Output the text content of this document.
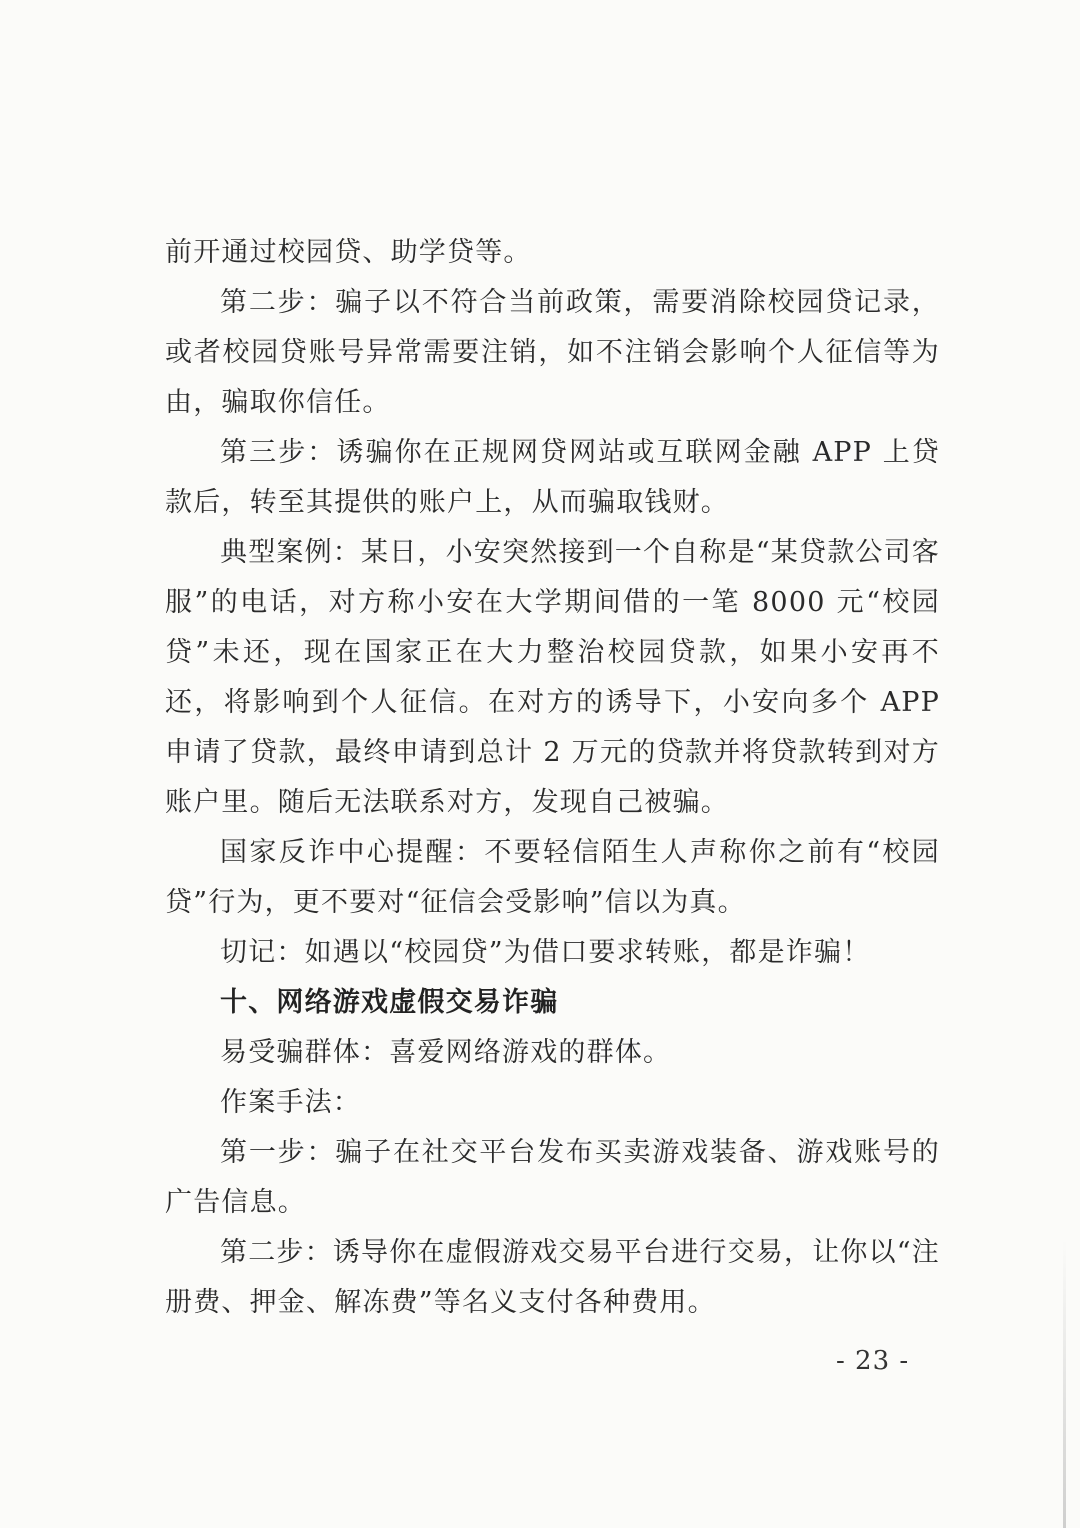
前开通过校园贷、助学贷等。

第二步：骗子以不符合当前政策，需要消除校园贷记录，或者校园贷账号异常需要注销，如不注销会影响个人征信等为由，骗取你信任。

第三步：诱骗你在正规网贷网站或互联网金融 APP 上贷款后，转至其提供的账户上，从而骗取钱财。

典型案例：某日，小安突然接到一个自称是“某贷款公司客服”的电话，对方称小安在大学期间借的一笔 8000 元“校园贷”未还，现在国家正在大力整治校园贷款，如果小安再不还，将影响到个人征信。在对方的诱导下，小安向多个 APP 申请了贷款，最终申请到总计 2 万元的贷款并将贷款转到对方账户里。随后无法联系对方，发现自己被骗。

国家反诈中心提醒：不要轻信陌生人声称你之前有“校园贷”行为，更不要对“征信会受影响”信以为真。

切记：如遇以“校园贷”为借口要求转账，都是诈骗！

十、网络游戏虚假交易诈骗

易受骗群体：喜爱网络游戏的群体。

作案手法：

第一步：骗子在社交平台发布买卖游戏装备、游戏账号的广告信息。

第二步：诱导你在虚假游戏交易平台进行交易，让你以“注册费、押金、解冻费”等名义支付各种费用。

- 23 -
